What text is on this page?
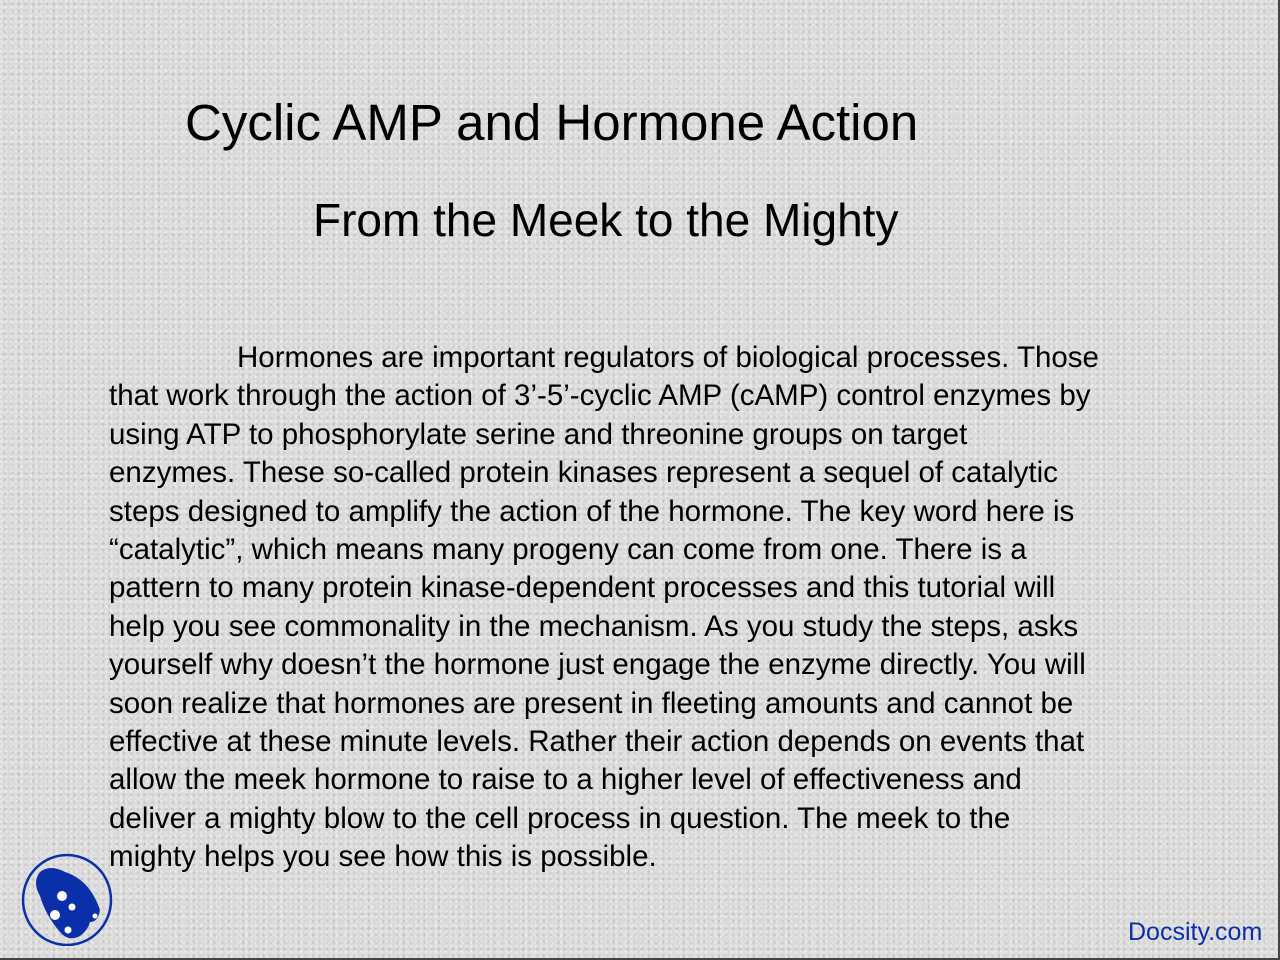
Cyclic AMP and Hormone Action
From the Meek to the Mighty
Hormones are important regulators of biological processes. Those
that work through the action of 3’-5’-cyclic AMP (cAMP) control enzymes by
using ATP to phosphorylate serine and threonine groups on target
enzymes. These so-called protein kinases represent a sequel of catalytic
steps designed to amplify the action of the hormone. The key word here is
“catalytic”, which means many progeny can come from one. There is a
pattern to many protein kinase-dependent processes and this tutorial will
help you see commonality in the mechanism. As you study the steps, asks
yourself why doesn’t the hormone just engage the enzyme directly. You will
soon realize that hormones are present in fleeting amounts and cannot be
effective at these minute levels. Rather their action depends on events that
allow the meek hormone to raise to a higher level of effectiveness and
deliver a mighty blow to the cell process in question. The meek to the
mighty helps you see how this is possible.
Docsity.com
